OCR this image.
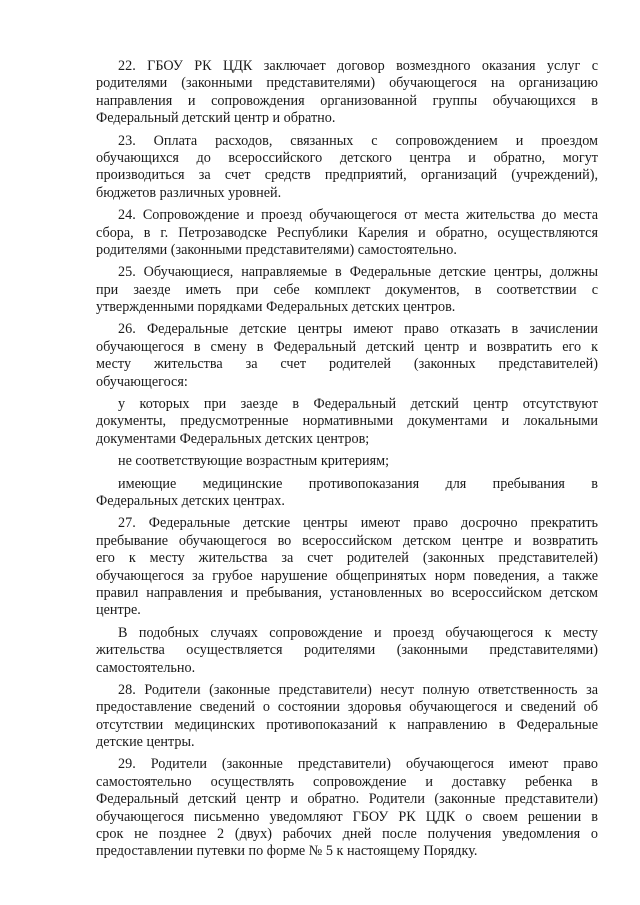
22. ГБОУ РК ЦДК заключает договор возмездного оказания услуг с
родителями (законными представителями) обучающегося на организацию
направления и сопровождения организованной группы обучающихся в
Федеральный детский центр и обратно.
23. Оплата расходов, связанных с сопровождением и проездом
обучающихся до всероссийского детского центра и обратно, могут
производиться за счет средств предприятий, организаций (учреждений),
бюджетов различных уровней.
24. Сопровождение и проезд обучающегося от места жительства до места
сбора, в г. Петрозаводске Республики Карелия и обратно, осуществляются
родителями (законными представителями) самостоятельно.
25. Обучающиеся, направляемые в Федеральные детские центры, должны
при заезде иметь при себе комплект документов, в соответствии с
утвержденными порядками Федеральных детских центров.
26. Федеральные детские центры имеют право отказать в зачислении
обучающегося в смену в Федеральный детский центр и возвратить его к
месту жительства за счет родителей (законных представителей)
обучающегося:
у которых при заезде в Федеральный детский центр отсутствуют
документы, предусмотренные нормативными документами и локальными
документами Федеральных детских центров;
не соответствующие возрастным критериям;
имеющие медицинские противопоказания для пребывания в
Федеральных детских центрах.
27. Федеральные детские центры имеют право досрочно прекратить
пребывание обучающегося во всероссийском детском центре и возвратить
его к месту жительства за счет родителей (законных представителей)
обучающегося за грубое нарушение общепринятых норм поведения, а также
правил направления и пребывания, установленных во всероссийском детском
центре.
В подобных случаях сопровождение и проезд обучающегося к месту
жительства осуществляется родителями (законными представителями)
самостоятельно.
28. Родители (законные представители) несут полную ответственность за
предоставление сведений о состоянии здоровья обучающегося и сведений об
отсутствии медицинских противопоказаний к направлению в Федеральные
детские центры.
29. Родители (законные представители) обучающегося имеют право
самостоятельно осуществлять сопровождение и доставку ребенка в
Федеральный детский центр и обратно. Родители (законные представители)
обучающегося письменно уведомляют ГБОУ РК ЦДК о своем решении в
срок не позднее 2 (двух) рабочих дней после получения уведомления о
предоставлении путевки по форме № 5 к настоящему Порядку.
